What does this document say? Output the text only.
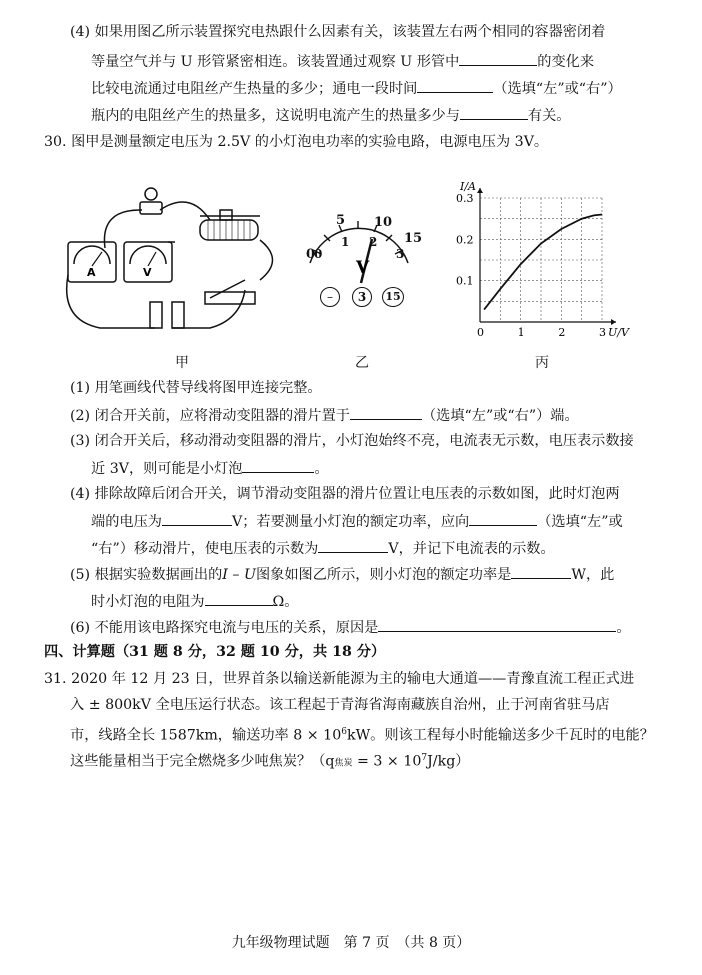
(4) 如果用图乙所示装置探究电热跟什么因素有关，该装置左右两个相同的容器密闭着
等量空气并与 U 形管紧密相连。该装置通过观察 U 形管中	的变化来
比较电流通过电阻丝产生热量的多少；通电一段时间	（选填“左”或“右”）
瓶内的电阻丝产生的热量多，这说明电流产生的热量多少与	有关。
30. 图甲是测量额定电压为 2.5V 的小灯泡电功率的实验电路，电源电压为 3V。
A	V	V
0
5 10
15
0
1 2
3
–	3	15
0	1	2	3
0.1
0.2
0.3
U/V
I/A
甲	乙	丙
(1) 用笔画线代替导线将图甲连接完整。
(2) 闭合开关前，应将滑动变阻器的滑片置于	（选填“左”或“右”）端。
(3) 闭合开关后，移动滑动变阻器的滑片，小灯泡始终不亮，电流表无示数，电压表示数接
近 3V，则可能是小灯泡	。
(4) 排除故障后闭合开关，调节滑动变阻器的滑片位置让电压表的示数如图，此时灯泡两
端的电压为	V；若要测量小灯泡的额定功率，应向	（选填“左”或
“右”）移动滑片，使电压表的示数为	V，并记下电流表的示数。
(5) 根据实验数据画出的I – U图象如图乙所示，则小灯泡的额定功率是	W，此
时小灯泡的电阻为	Ω。
(6) 不能用该电路探究电流与电压的关系，原因是	。
四、计算题（31 题 8 分，32 题 10 分，共 18 分）
31. 2020 年 12 月 23 日，世界首条以输送新能源为主的输电大通道——青豫直流工程正式进
入 ± 800kV 全电压运行状态。该工程起于青海省海南藏族自治州，止于河南省驻马店
市，线路全长 1587km，输送功率 $8 \times 10^6kW$。则该工程每小时能输送多少千瓦时的电能？
这些能量相当于完全燃烧多少吨焦炭？（q焦炭 = $3 \times 10^7J/kg$）
九年级物理试题　第 7 页　（共 8 页）
